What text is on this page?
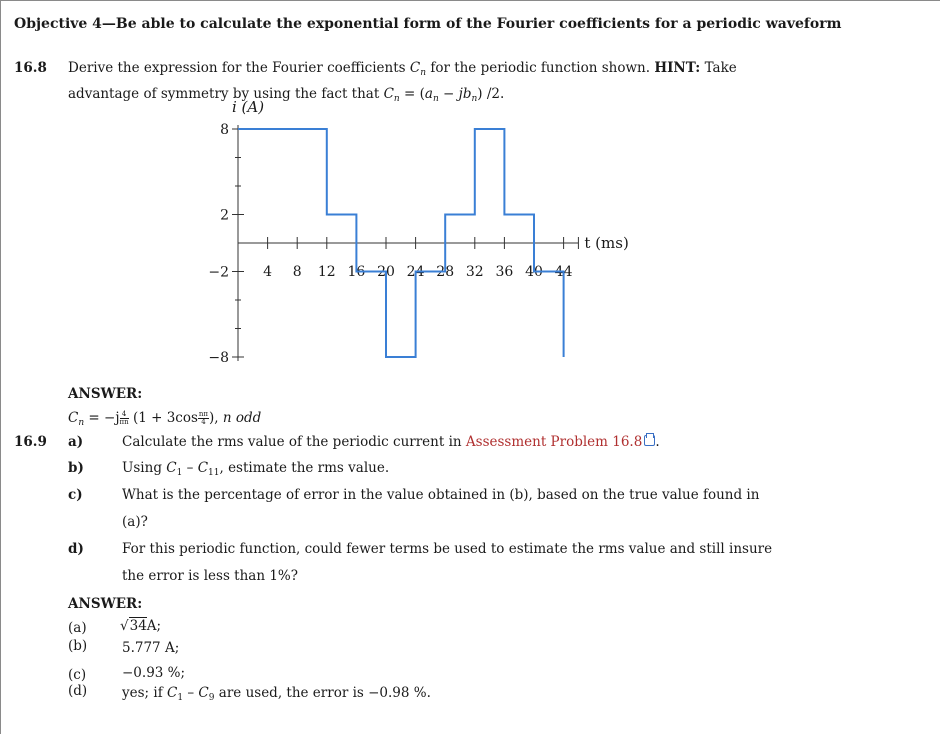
Objective 4—Be able to calculate the exponential form of the Fourier coefficients for a periodic waveform
16.8 Derive the expression for the Fourier coefficients $C_n$ for the periodic function shown. HINT: Take
advantage of symmetry by using the fact that $C_n = (a_n - jb_n)$ /2.
8
2
−2
−8
4 8 12 16 20 24 28 32 36 40 44
i (A)
t (ms)
ANSWER:
$C_n = -j \frac{4}{\pi n} (1 + 3\cos \frac{n\pi}{4}$ ), n odd
16.9 a)	Calculate the rms value of the periodic current in Assessment Problem 16.8 .
b)	Using $C_1 - C_{11}$, estimate the rms value.
c)	What is the percentage of error in the value obtained in (b), based on the true value found in
(a)?
d)	For this periodic function, could fewer terms be used to estimate the rms value and still insure
the error is less than 1%?
ANSWER:
(a) √34A;
(b)	5.777 A;
(c)	−0.93 %;
(d)	yes; if $C_1 - C_9$ are used, the error is −0.98 %.
